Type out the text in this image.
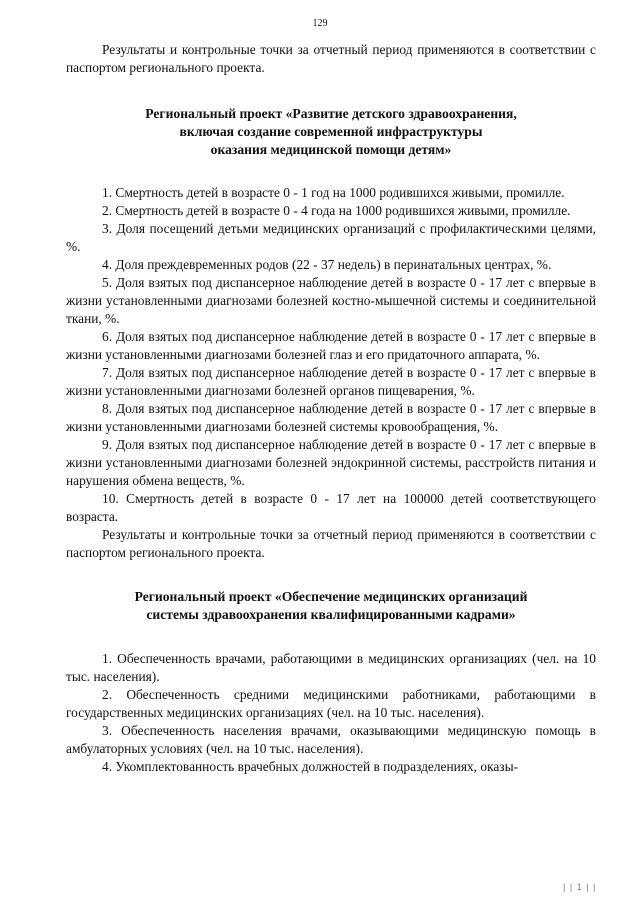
129

Результаты и контрольные точки за отчетный период применяются в соответствии с паспортом регионального проекта.

Региональный проект «Развитие детского здравоохранения,
включая создание современной инфраструктуры
оказания медицинской помощи детям»

1. Смертность детей в возрасте 0 - 1 год на 1000 родившихся живыми, промилле.

2. Смертность детей в возрасте 0 - 4 года на 1000 родившихся живыми, промилле.

3. Доля посещений детьми медицинских организаций с профилактическими целями, %.

4. Доля преждевременных родов (22 - 37 недель) в перинатальных центрах, %.

5. Доля взятых под диспансерное наблюдение детей в возрасте 0 - 17 лет с впервые в жизни установленными диагнозами болезней костно-мышечной системы и соединительной ткани, %.

6. Доля взятых под диспансерное наблюдение детей в возрасте 0 - 17 лет с впервые в жизни установленными диагнозами болезней глаз и его придаточного аппарата, %.

7. Доля взятых под диспансерное наблюдение детей в возрасте 0 - 17 лет с впервые в жизни установленными диагнозами болезней органов пищеварения, %.

8. Доля взятых под диспансерное наблюдение детей в возрасте 0 - 17 лет с впервые в жизни установленными диагнозами болезней системы кровообращения, %.

9. Доля взятых под диспансерное наблюдение детей в возрасте 0 - 17 лет с впервые в жизни установленными диагнозами болезней эндокринной системы, расстройств питания и нарушения обмена веществ, %.

10. Смертность детей в возрасте 0 - 17 лет на 100000 детей соответствующего возраста.

Результаты и контрольные точки за отчетный период применяются в соответствии с паспортом регионального проекта.

Региональный проект «Обеспечение медицинских организаций
системы здравоохранения квалифицированными кадрами»

1. Обеспеченность врачами, работающими в медицинских организациях (чел. на 10 тыс. населения).

2. Обеспеченность средними медицинскими работниками, работающими в государственных медицинских организациях (чел. на 10 тыс. населения).

3. Обеспеченность населения врачами, оказывающими медицинскую помощь в амбулаторных условиях (чел. на 10 тыс. населения).

4. Укомплектованность врачебных должностей в подразделениях, оказы-

| | 1 | |
